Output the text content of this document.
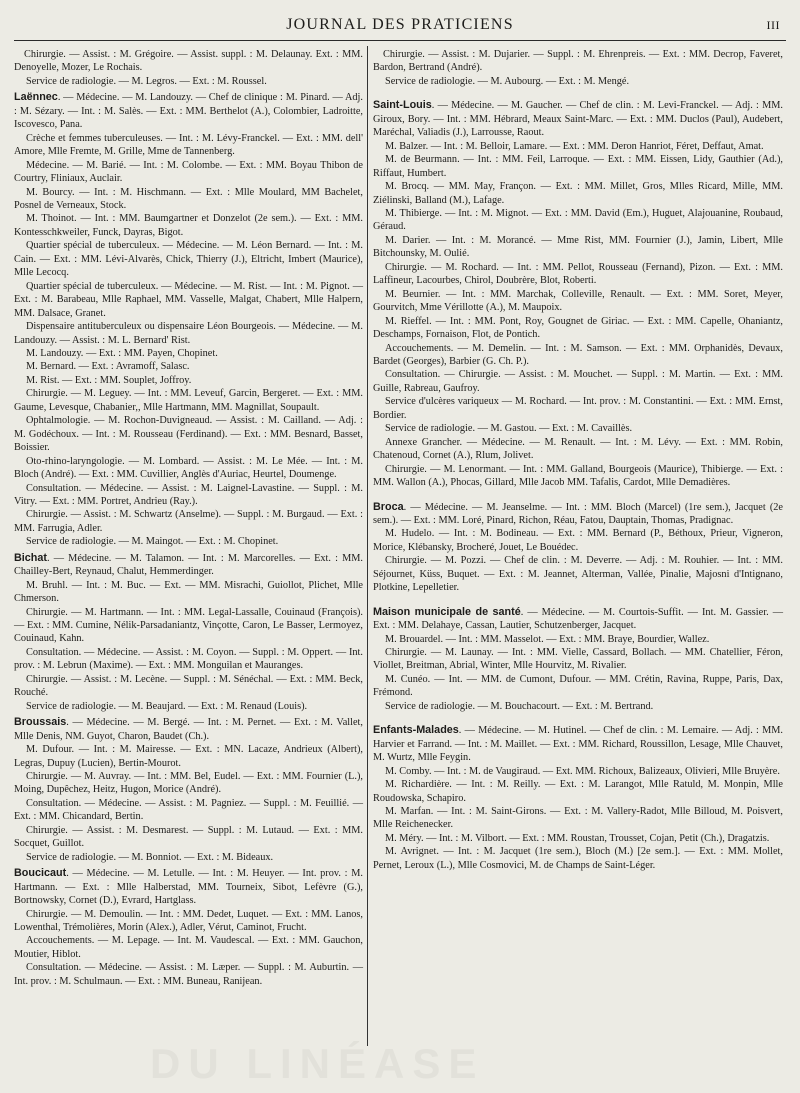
JOURNAL DES PRATICIENS	III

Chirurgie. — Assist. : M. Grégoire. — Assist. suppl. : M. Delaunay. Ext. : MM. Denoyelle, Mozer, Le Rochais.

Service de radiologie. — M. Legros. — Ext. : M. Roussel.

Laënnec. — Médecine. — M. Landouzy. — Chef de clinique : M. Pinard. — Adj. : M. Sézary. — Int. : M. Salès. — Ext. : MM. Berthelot (A.), Colombier, Ladroitte, Iscovesco, Pana.

Crèche et femmes tuberculeuses. — Int. : M. Lévy-Franckel. — Ext. : MM. dell' Amore, Mlle Fremte, M. Grille, Mme de Tannenberg.

Médecine. — M. Barié. — Int. : M. Colombe. — Ext. : MM. Boyau Thibon de Courtry, Fliniaux, Auclair.

M. Bourcy. — Int. : M. Hischmann. — Ext. : Mlle Moulard, MM Bachelet, Posnel de Verneaux, Stock.

M. Thoinot. — Int. : MM. Baumgartner et Donzelot (2e sem.). — Ext. : MM. Kontesschkweiler, Funck, Dayras, Bigot.

Quartier spécial de tuberculeux. — Médecine. — M. Léon Bernard. — Int. : M. Cain. — Ext. : MM. Lévi-Alvarès, Chick, Thierry (J.), Eltricht, Imbert (Maurice), Mlle Lecocq.

Quartier spécial de tuberculeux. — Médecine. — M. Rist. — Int. : M. Pignot. — Ext. : M. Barabeau, Mlle Raphael, MM. Vasselle, Malgat, Chabert, Mlle Halpern, MM. Dalsace, Granet.

Dispensaire antituberculeux ou dispensaire Léon Bourgeois. — Médecine. — M. Landouzy. — Assist. : M. L. Bernard' Rist.

M. Landouzy. — Ext. : MM. Payen, Chopinet.

M. Bernard. — Ext. : Avramoff, Salasc.

M. Rist. — Ext. : MM. Souplet, Joffroy.

Chirurgie. — M. Leguey. — Int. : MM. Leveuf, Garcin, Bergeret. — Ext. : MM. Gaume, Levesque, Chabanier,, Mlle Hartmann, MM. Magnillat, Soupault.

Ophtalmologie. — M. Rochon-Duvigneaud. — Assist. : M. Cailland. — Adj. : M. Godéchoux. — Int. : M. Rousseau (Ferdinand). — Ext. : MM. Besnard, Basset, Boissier.

Oto-rhino-laryngologie. — M. Lombard. — Assist. : M. Le Mée. — Int. : M. Bloch (André). — Ext. : MM. Cuvillier, Anglès d'Auriac, Heurtel, Doumenge.

Consultation. — Médecine. — Assist. : M. Laignel-Lavastine. — Suppl. : M. Vitry. — Ext. : MM. Portret, Andrieu (Ray.).

Chirurgie. — Assist. : M. Schwartz (Anselme). — Suppl. : M. Burgaud. — Ext. : MM. Farrugia, Adler.

Service de radiologie. — M. Maingot. — Ext. : M. Chopinet.

Bichat. — Médecine. — M. Talamon. — Int. : M. Marcorelles. — Ext. : MM. Chailley-Bert, Reynaud, Chalut, Hemmerdinger.

M. Bruhl. — Int. : M. Buc. — Ext. — MM. Misrachi, Guiollot, Plichet, Mlle Chmerson.

Chirurgie. — M. Hartmann. — Int. : MM. Legal-Lassalle, Couinaud (François). — Ext. : MM. Cumine, Nélik-Parsadaniantz, Vinçotte, Caron, Le Basser, Lermoyez, Couinaud, Kahn.

Consultation. — Médecine. — Assist. : M. Coyon. — Suppl. : M. Oppert. — Int. prov. : M. Lebrun (Maxime). — Ext. : MM. Monguilan et Mauranges.

Chirurgie. — Assist. : M. Lecène. — Suppl. : M. Sénéchal. — Ext. : MM. Beck, Rouché.

Service de radiologie. — M. Beaujard. — Ext. : M. Renaud (Louis).

Broussais. — Médecine. — M. Bergé. — Int. : M. Pernet. — Ext. : M. Vallet, Mlle Denis, NM. Guyot, Charon, Baudet (Ch.).

M. Dufour. — Int. : M. Mairesse. — Ext. : MN. Lacaze, Andrieux (Albert), Legras, Dupuy (Lucien), Bertin-Mourot.

Chirurgie. — M. Auvray. — Int. : MM. Bel, Eudel. — Ext. : MM. Fournier (L.), Moing, Dupêchez, Heitz, Hugon, Morice (André).

Consultation. — Médecine. — Assist. : M. Pagniez. — Suppl. : M. Feuillié. — Ext. : MM. Chicandard, Bertin.

Chirurgie. — Assist. : M. Desmarest. — Suppl. : M. Lutaud. — Ext. : MM. Socquet, Guillot.

Service de radiologie. — M. Bonniot. — Ext. : M. Bideaux.

Boucicaut. — Médecine. — M. Letulle. — Int. : M. Heuyer. — Int. prov. : M. Hartmann. — Ext. : Mlle Halberstad, MM. Tourneix, Sibot, Lefèvre (G.), Bortnowsky, Cornet (D.), Evrard, Hartglass.

Chirurgie. — M. Demoulin. — Int. : MM. Dedet, Luquet. — Ext. : MM. Lanos, Lowenthal, Trémolières, Morin (Alex.), Adler, Vérut, Caminot, Frucht.

Accouchements. — M. Lepage. — Int. M. Vaudescal. — Ext. : MM. Gauchon, Moutier, Hiblot.

Consultation. — Médecine. — Assist. : M. Læper. — Suppl. : M. Auburtin. — Int. prov. : M. Schulmaun. — Ext. : MM. Buneau, Ranijean.

Chirurgie. — Assist. : M. Dujarier. — Suppl. : M. Ehrenpreis. — Ext. : MM. Decrop, Faveret, Bardon, Bertrand (André).

Service de radiologie. — M. Aubourg. — Ext. : M. Mengé.

Saint-Louis. — Médecine. — M. Gaucher. — Chef de clin. : M. Levi-Franckel. — Adj. : MM. Giroux, Bory. — Int. : MM. Hébrard, Meaux Saint-Marc. — Ext. : MM. Duclos (Paul), Audebert, Maréchal, Valiadis (J.), Larrousse, Raout.

M. Balzer. — Int. : M. Belloir, Lamare. — Ext. : MM. Deron Hanriot, Féret, Deffaut, Amat.

M. de Beurmann. — Int. : MM. Feil, Larroque. — Ext. : MM. Eissen, Lidy, Gauthier (Ad.), Riffaut, Humbert.

M. Brocq. — MM. May, Françon. — Ext. : MM. Millet, Gros, Mlles Ricard, Mille, MM. Ziélinski, Balland (M.), Lafage.

M. Thibierge. — Int. : M. Mignot. — Ext. : MM. David (Em.), Huguet, Alajouanine, Roubaud, Géraud.

M. Darier. — Int. : M. Morancé. — Mme Rist, MM. Fournier (J.), Jamin, Libert, Mlle Bitchounsky, M. Oulié.

Chirurgie. — M. Rochard. — Int. : MM. Pellot, Rousseau (Fernand), Pizon. — Ext. : MM. Laffineur, Lacourbes, Chirol, Doubrère, Blot, Roberti.

M. Beurnier. — Int. : MM. Marchak, Colleville, Renault. — Ext. : MM. Soret, Meyer, Gourvitch, Mme Vérillotte (A.), M. Maupoix.

M. Rieffel. — Int. : MM. Pont, Roy, Gougnet de Giriac. — Ext. : MM. Capelle, Ohaniantz, Deschamps, Fornaison, Flot, de Pontich.

Accouchements. — M. Demelin. — Int. : M. Samson. — Ext. : MM. Orphanidès, Devaux, Bardet (Georges), Barbier (G. Ch. P.).

Consultation. — Chirurgie. — Assist. : M. Mouchet. — Suppl. : M. Martin. — Ext. : MM. Guille, Rabreau, Gaufroy.

Service d'ulcères variqueux — M. Rochard. — Int. prov. : M. Constantini. — Ext. : MM. Ernst, Bordier.

Service de radiologie. — M. Gastou. — Ext. : M. Cavaillès.

Annexe Grancher. — Médecine. — M. Renault. — Int. : M. Lévy. — Ext. : MM. Robin, Chatenoud, Cornet (A.), Rlum, Jolivet.

Chirurgie. — M. Lenormant. — Int. : MM. Galland, Bourgeois (Maurice), Thibierge. — Ext. : MM. Wallon (A.), Phocas, Gillard, Mlle Jacob MM. Tafalis, Cardot, Mlle Demadières.

Broca. — Médecine. — M. Jeanselme. — Int. : MM. Bloch (Marcel) (1re sem.), Jacquet (2e sem.). — Ext. : MM. Loré, Pinard, Richon, Réau, Fatou, Dauptain, Thomas, Pradignac.

M. Hudelo. — Int. : M. Bodineau. — Ext. : MM. Bernard (P., Béthoux, Prieur, Vigneron, Morice, Klébansky, Brocheré, Jouet, Le Bouédec.

Chirurgie. — M. Pozzi. — Chef de clin. : M. Deverre. — Adj. : M. Rouhier. — Int. : MM. Séjournet, Küss, Buquet. — Ext. : M. Jeannet, Alterman, Vallée, Pinalie, Majosni d'Intignano, Plotkine, Lepelletier.

Maison municipale de santé. — Médecine. — M. Courtois-Suffit. — Int. M. Gassier. — Ext. : MM. Delahaye, Cassan, Lautier, Schutzenberger, Jacquet.

M. Brouardel. — Int. : MM. Masselot. — Ext. : MM. Braye, Bourdier, Wallez.

Chirurgie. — M. Launay. — Int. : MM. Vielle, Cassard, Bollach. — MM. Chatellier, Féron, Viollet, Breitman, Abrial, Winter, Mlle Hourvitz, M. Rivalier.

M. Cunéo. — Int. — MM. de Cumont, Dufour. — MM. Crétin, Ravina, Ruppe, Paris, Dax, Frémond.

Service de radiologie. — M. Bouchacourt. — Ext. : M. Bertrand.

Enfants-Malades. — Médecine. — M. Hutinel. — Chef de clin. : M. Lemaire. — Adj. : MM. Harvier et Farrand. — Int. : M. Maillet. — Ext. : MM. Richard, Roussillon, Lesage, Mlle Chauvet, M. Wurtz, Mlle Feygin.

M. Comby. — Int. : M. de Vaugiraud. — Ext. MM. Richoux, Balizeaux, Olivieri, Mlle Bruyère.

M. Richardière. — Int. : M. Reilly. — Ext. : M. Larangot, Mlle Ratuld, M. Monpin, Mlle Roudowska, Schapiro.

M. Marfan. — Int. : M. Saint-Girons. — Ext. : M. Vallery-Radot, Mlle Billoud, M. Poisvert, Mlle Reichenecker.

M. Méry. — Int. : M. Vilbort. — Ext. : MM. Roustan, Trousset, Cojan, Petit (Ch.), Dragatzis.

M. Avrignet. — Int. : M. Jacquet (1re sem.), Bloch (M.) [2e sem.]. — Ext. : MM. Mollet, Pernet, Leroux (L.), Mlle Cosmovici, M. de Champs de Saint-Léger.

DU LINÉASE
